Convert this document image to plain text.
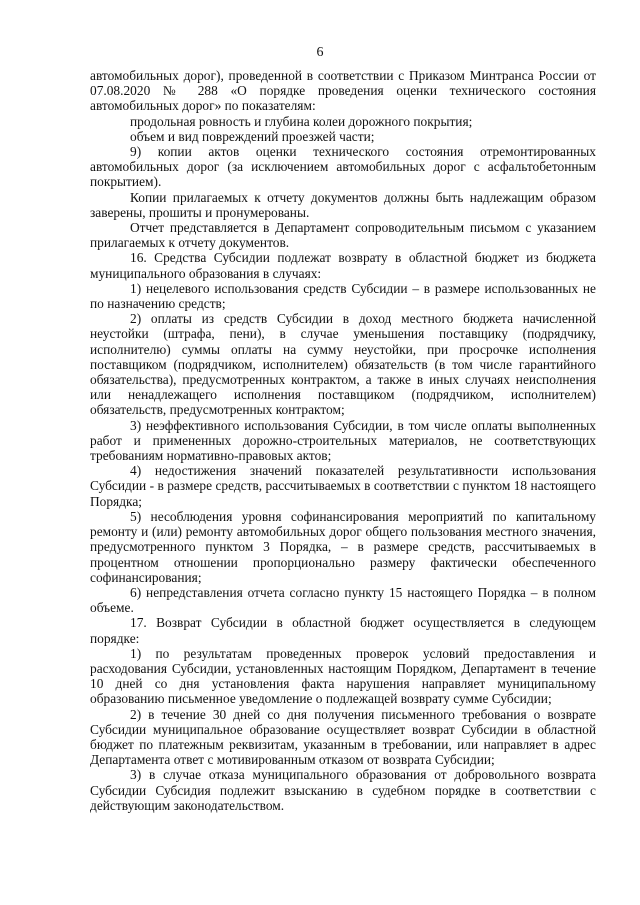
6

автомобильных дорог), проведенной в соответствии с Приказом Минтранса России от 07.08.2020 № 288 «О порядке проведения оценки технического состояния автомобильных дорог» по показателям:

продольная ровность и глубина колеи дорожного покрытия;

объем и вид повреждений проезжей части;

9) копии актов оценки технического состояния отремонтированных автомобильных дорог (за исключением автомобильных дорог с асфальтобетонным покрытием).

Копии прилагаемых к отчету документов должны быть надлежащим образом заверены, прошиты и пронумерованы.

Отчет представляется в Департамент сопроводительным письмом с указанием прилагаемых к отчету документов.

16. Средства Субсидии подлежат возврату в областной бюджет из бюджета муниципального образования в случаях:

1) нецелевого использования средств Субсидии – в размере использованных не по назначению средств;

2) оплаты из средств Субсидии в доход местного бюджета начисленной неустойки (штрафа, пени), в случае уменьшения поставщику (подрядчику, исполнителю) суммы оплаты на сумму неустойки, при просрочке исполнения поставщиком (подрядчиком, исполнителем) обязательств (в том числе гарантийного обязательства), предусмотренных контрактом, а также в иных случаях неисполнения или ненадлежащего исполнения поставщиком (подрядчиком, исполнителем) обязательств, предусмотренных контрактом;

3) неэффективного использования Субсидии, в том числе оплаты выполненных работ и примененных дорожно-строительных материалов, не соответствующих требованиям нормативно-правовых актов;

4) недостижения значений показателей результативности использования Субсидии - в размере средств, рассчитываемых в соответствии с пунктом 18 настоящего Порядка;

5) несоблюдения уровня софинансирования мероприятий по капитальному ремонту и (или) ремонту автомобильных дорог общего пользования местного значения, предусмотренного пунктом 3 Порядка, – в размере средств, рассчитываемых в процентном отношении пропорционально размеру фактически обеспеченного софинансирования;

6) непредставления отчета согласно пункту 15 настоящего Порядка – в полном объеме.

17. Возврат Субсидии в областной бюджет осуществляется в следующем порядке:

1) по результатам проведенных проверок условий предоставления и расходования Субсидии, установленных настоящим Порядком, Департамент в течение 10 дней со дня установления факта нарушения направляет муниципальному образованию письменное уведомление о подлежащей возврату сумме Субсидии;

2) в течение 30 дней со дня получения письменного требования о возврате Субсидии муниципальное образование осуществляет возврат Субсидии в областной бюджет по платежным реквизитам, указанным в требовании, или направляет в адрес Департамента ответ с мотивированным отказом от возврата Субсидии;

3) в случае отказа муниципального образования от добровольного возврата Субсидии Субсидия подлежит взысканию в судебном порядке в соответствии с действующим законодательством.
